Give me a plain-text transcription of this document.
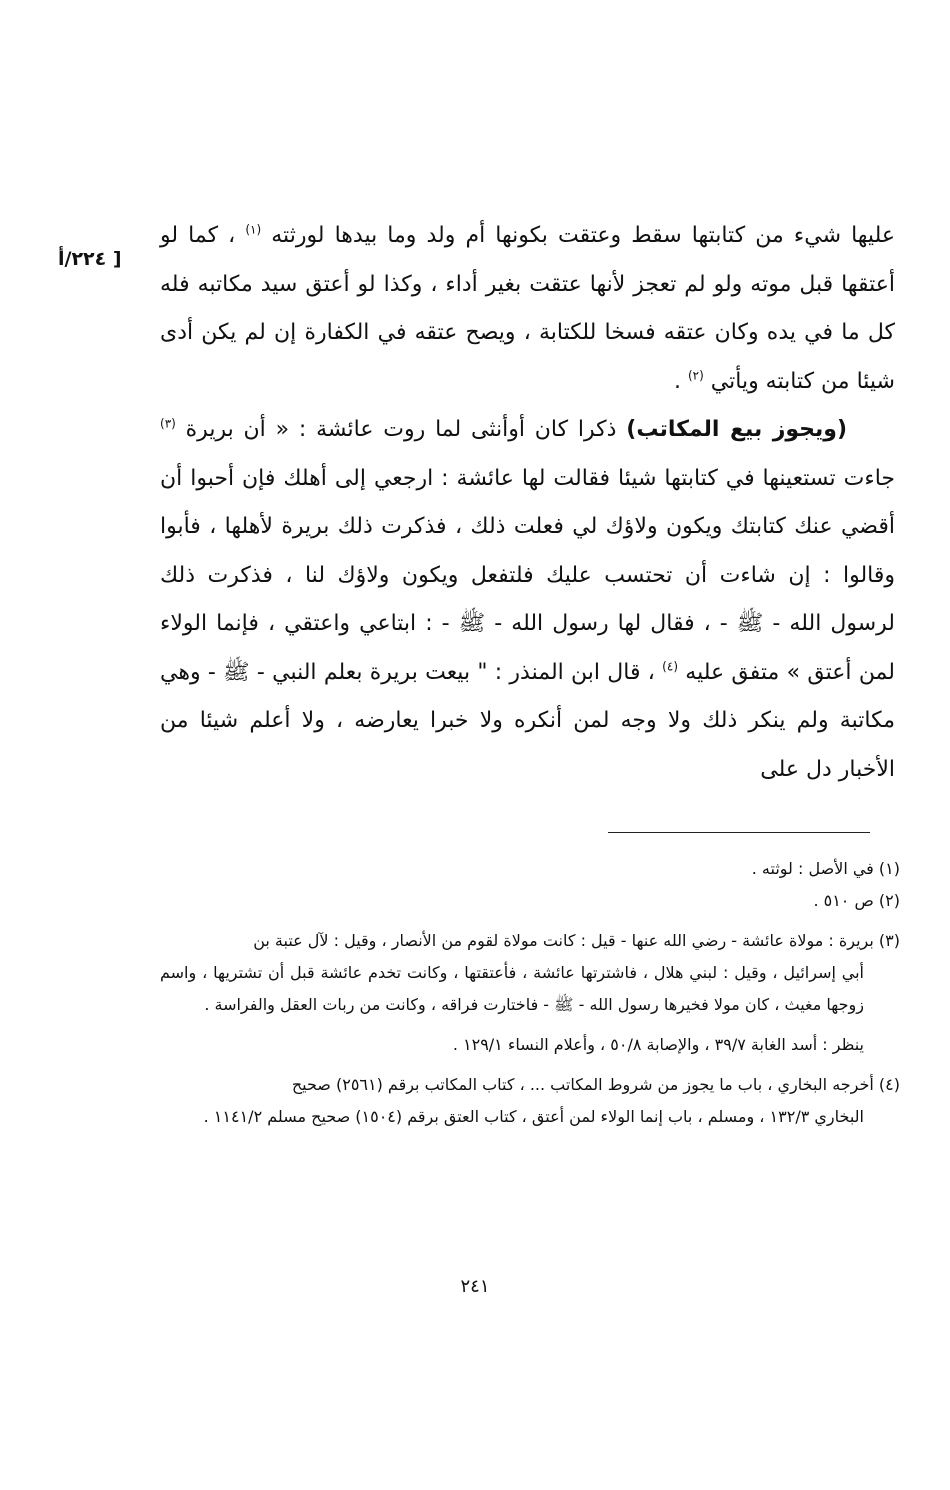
[ ٢٢٤/أ

عليها شيء من كتابتها سقط وعتقت بكونها أم ولد وما بيدها لورثته $^{(١)}$ ، كما لو أعتقها قبل موته ولو لم تعجز لأنها عتقت بغير أداء ، وكذا لو أعتق سيد مكاتبه فله كل ما في يده وكان عتقه فسخا للكتابة ، ويصح عتقه في الكفارة إن لم يكن أدى شيئا من كتابته ويأتي $^{(٢)}$ .

(ويجوز بيع المكاتب) ذكرا كان أوأنثى لما روت عائشة : « أن بريرة $^{(٣)}$ جاءت تستعينها في كتابتها شيئا فقالت لها عائشة : ارجعي إلى أهلك فإن أحبوا أن أقضي عنك كتابتك ويكون ولاؤك لي فعلت ذلك ، فذكرت ذلك بريرة لأهلها ، فأبوا وقالوا : إن شاءت أن تحتسب عليك فلتفعل ويكون ولاؤك لنا ، فذكرت ذلك لرسول الله - ﷺ - ، فقال لها رسول الله - ﷺ - : ابتاعي واعتقي ، فإنما الولاء لمن أعتق » متفق عليه $^{(٤)}$ ، قال ابن المنذر : " بيعت بريرة بعلم النبي - ﷺ - وهي مكاتبة ولم ينكر ذلك ولا وجه لمن أنكره ولا خبرا يعارضه ، ولا أعلم شيئا من الأخبار دل على

(١) في الأصل : لوثته .

(٢) ص ٥١٠ .

(٣) بريرة : مولاة عائشة - رضي الله عنها - قيل : كانت مولاة لقوم من الأنصار ، وقيل : لآل عتبة بن

أبي إسرائيل ، وقيل : لبني هلال ، فاشترتها عائشة ، فأعتقتها ، وكانت تخدم عائشة قبل أن تشتريها ، واسم زوجها مغيث ، كان مولا فخيرها رسول الله - ﷺ - فاختارت فراقه ، وكانت من ربات العقل والفراسة .

ينظر : أسد الغابة ٣٩/٧ ، والإصابة ٥٠/٨ ، وأعلام النساء ١٢٩/١ .

(٤) أخرجه البخاري ، باب ما يجوز من شروط المكاتب ... ، كتاب المكاتب برقم (٢٥٦١) صحيح

البخاري ١٣٢/٣ ، ومسلم ، باب إنما الولاء لمن أعتق ، كتاب العتق برقم (١٥٠٤) صحيح مسلم ١١٤١/٢ .

٢٤١
